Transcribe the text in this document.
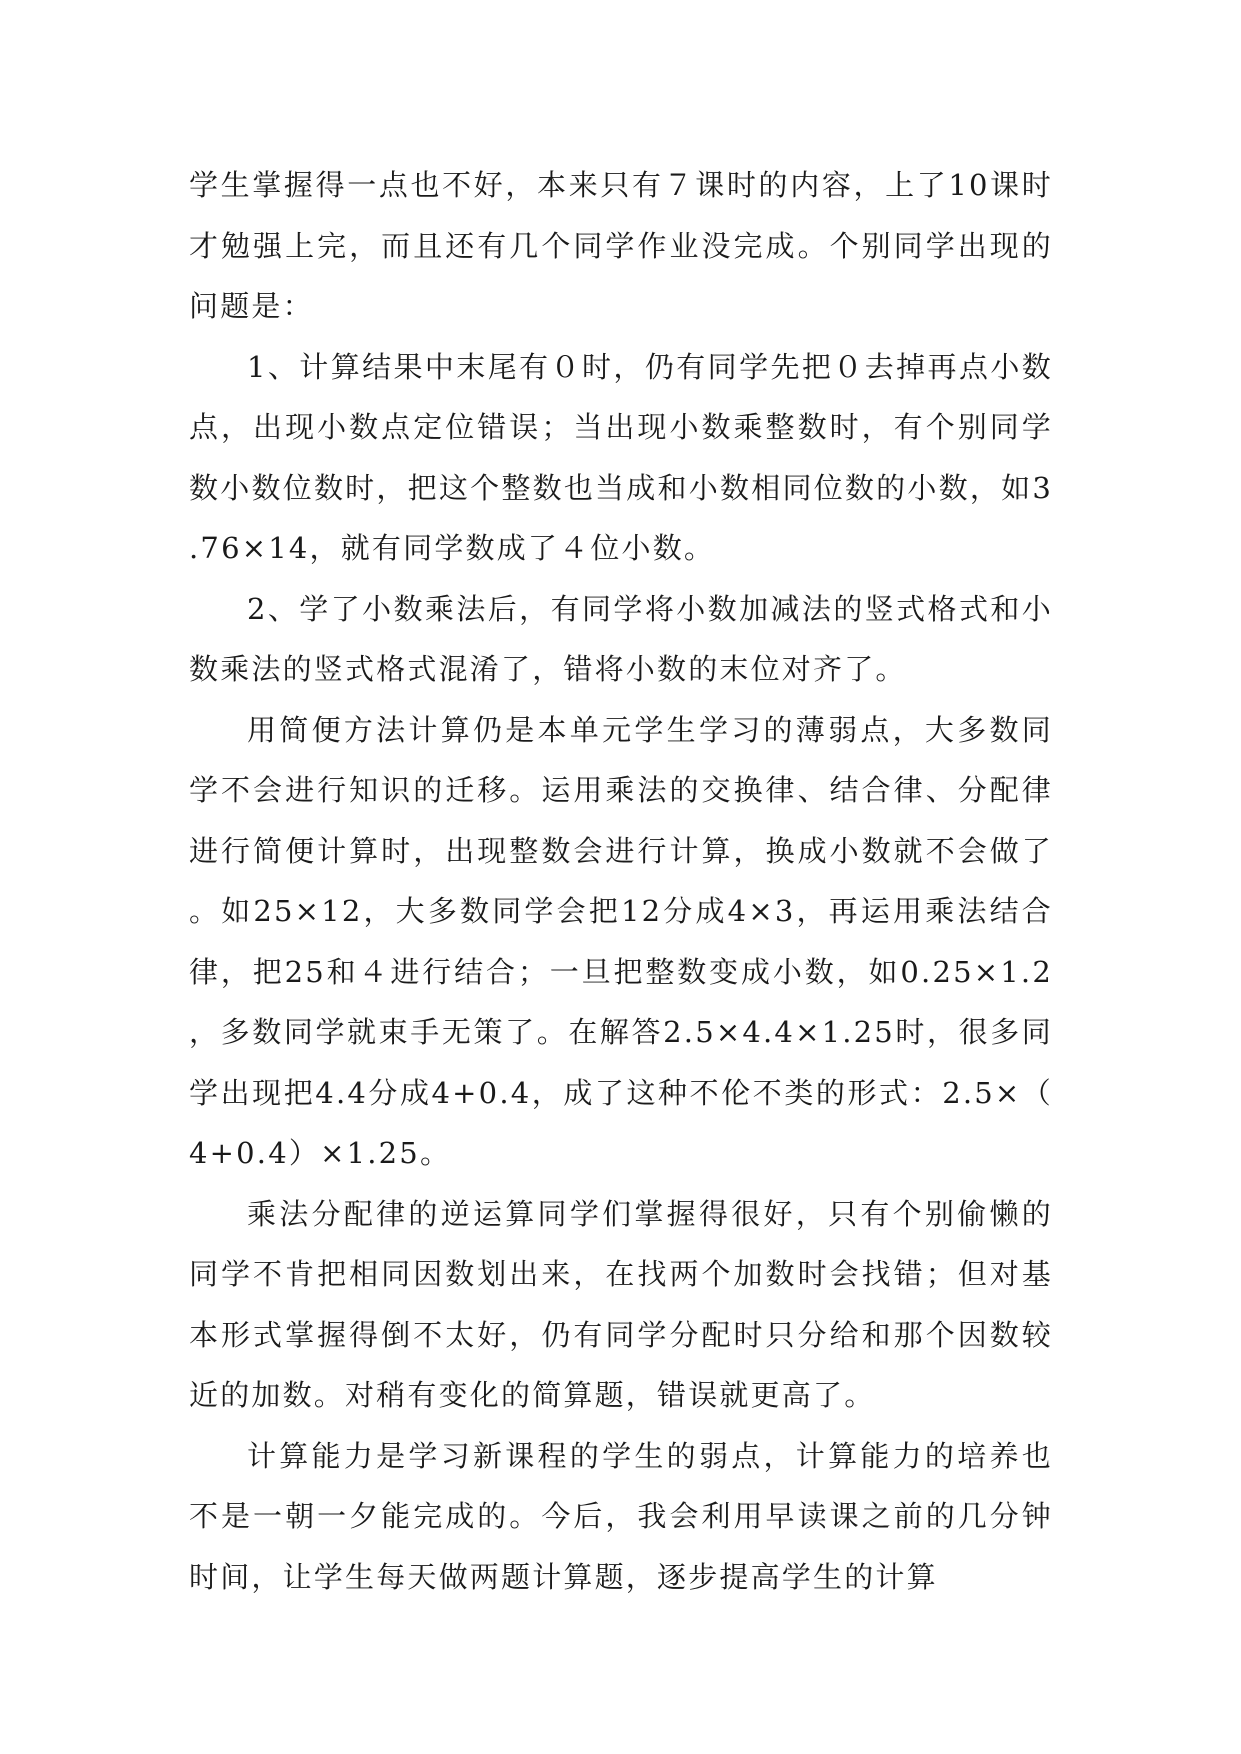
学生掌握得一点也不好，本来只有７课时的内容，上了10课时才勉强上完，而且还有几个同学作业没完成。个别同学出现的问题是：

1、计算结果中末尾有０时，仍有同学先把０去掉再点小数点，出现小数点定位错误；当出现小数乘整数时，有个别同学数小数位数时，把这个整数也当成和小数相同位数的小数，如3.76×14，就有同学数成了４位小数。

2、学了小数乘法后，有同学将小数加减法的竖式格式和小数乘法的竖式格式混淆了，错将小数的末位对齐了。

用简便方法计算仍是本单元学生学习的薄弱点，大多数同学不会进行知识的迁移。运用乘法的交换律、结合律、分配律进行简便计算时，出现整数会进行计算，换成小数就不会做了。如25×12，大多数同学会把12分成4×3，再运用乘法结合律，把25和４进行结合；一旦把整数变成小数，如0.25×1.2，多数同学就束手无策了。在解答2.5×4.4×1.25时，很多同学出现把4.4分成4+0.4，成了这种不伦不类的形式：2.5×（4+0.4）×1.25。

乘法分配律的逆运算同学们掌握得很好，只有个别偷懒的同学不肯把相同因数划出来，在找两个加数时会找错；但对基本形式掌握得倒不太好，仍有同学分配时只分给和那个因数较近的加数。对稍有变化的简算题，错误就更高了。

计算能力是学习新课程的学生的弱点，计算能力的培养也不是一朝一夕能完成的。今后，我会利用早读课之前的几分钟时间，让学生每天做两题计算题，逐步提高学生的计算
